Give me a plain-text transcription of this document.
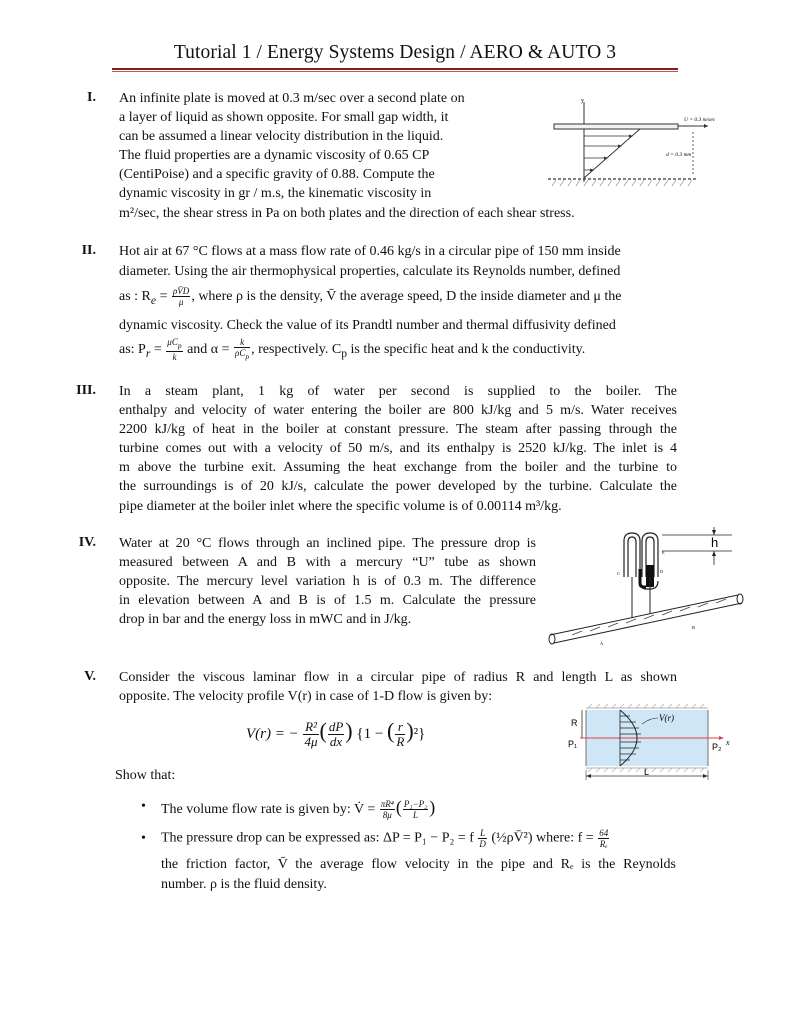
Tutorial 1 / Energy Systems Design / AERO & AUTO 3
I. An infinite plate is moved at 0.3 m/sec over a second plate on

a layer of liquid as shown opposite. For small gap width, it

can be assumed a linear velocity distribution in the liquid.

The fluid properties are a dynamic viscosity of 0.65 CP

(CentiPoise) and a specific gravity of 0.88. Compute the

dynamic viscosity in gr / m.s, the kinematic viscosity in

m²/sec, the shear stress in Pa on both plates and the direction of each shear stress.
y
U = 0.3 m/sec
d = 0.3 mm
II. Hot air at 67 °C flows at a mass flow rate of 0.46 kg/s in a circular pipe of 150 mm inside

diameter. Using the air thermophysical properties, calculate its Reynolds number, defined

as : $R_e = \frac{\rho V̄D}{\mu}$ , where ρ is the density, V̄ the average speed, D the inside diameter and μ the

dynamic viscosity. Check the value of its Prandtl number and thermal diffusivity defined

as: $P_r = \frac{\mu C_p}{k}$ and $\alpha = \frac{k}{\rho C_p}$ , respectively. $C_p$ is the specific heat and k the conductivity.

III. In a steam plant, 1 kg of water per second is supplied to the boiler. The

enthalpy and velocity of water entering the boiler are 800 kJ/kg and 5 m/s. Water receives

2200 kJ/kg of heat in the boiler at constant pressure. The steam after passing through the

turbine comes out with a velocity of 50 m/s, and its enthalpy is 2520 kJ/kg. The inlet is 4

m above the turbine exit. Assuming the heat exchange from the boiler and the turbine to

the surroundings is of 20 kJ/s, calculate the power developed by the turbine. Calculate the

pipe diameter at the boiler inlet where the specific volume is of 0.00114 m³/kg.

IV. Water at 20 °C flows through an inclined pipe. The pressure drop is

measured between A and B with a mercury “U” tube as shown

opposite. The mercury level variation h is of 0.3 m. The difference

in elevation between A and B is of 1.5 m. Calculate the pressure

drop in bar and the energy loss in mWC and in J/kg.

h
C	D
E
A
B
V. Consider the viscous laminar flow in a circular pipe of radius R and length L as shown

opposite. The velocity profile V(r) in case of 1-D flow is given by:

V(r) = − $\frac{\text{R²}}{4\mu}$ ( $\frac{dP}{dx}$ ) {1 − ( $\frac{r}{R} )^2$}
V(r)
R
P₁	P₂ x
L
Show that:
• The volume flow rate is given by: V̇ = $\frac{\text{πR⁴}}{8\mu}$ ( $\frac{\text{P₁−P₂}}{L}$ )
• The pressure drop can be expressed as: ΔP = P₁ − P₂ = f $\frac{L}{D}$ (½ρV̄²) where: $f = \frac{64}{\text{Rₑ}}$
the friction factor, V̄ the average flow velocity in the pipe and Rₑ is the Reynolds
number. ρ is the fluid density.
